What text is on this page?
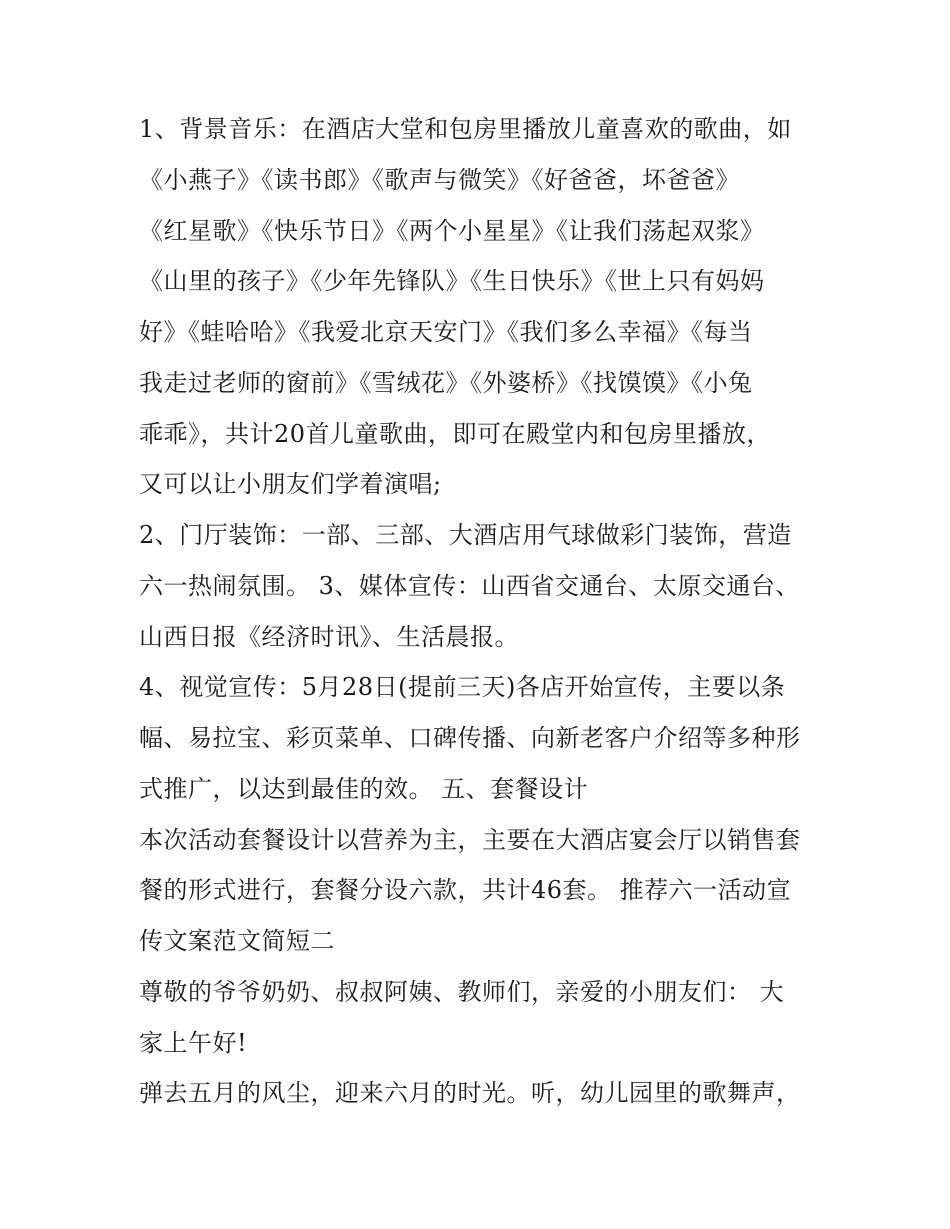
1、背景音乐：在酒店大堂和包房里播放儿童喜欢的歌曲，如
《小燕子》《读书郎》《歌声与微笑》《好爸爸，坏爸爸》
《红星歌》《快乐节日》《两个小星星》《让我们荡起双浆》
《山里的孩子》《少年先锋队》《生日快乐》《世上只有妈妈
好》《蛙哈哈》《我爱北京天安门》《我们多么幸福》《每当
我走过老师的窗前》《雪绒花》《外婆桥》《找馍馍》《小兔
乖乖》，共计20首儿童歌曲，即可在殿堂内和包房里播放，
又可以让小朋友们学着演唱;
2、门厅装饰：一部、三部、大酒店用气球做彩门装饰，营造
六一热闹氛围。 3、媒体宣传：山西省交通台、太原交通台、
山西日报《经济时讯》、生活晨报。
4、视觉宣传：5月28日(提前三天)各店开始宣传，主要以条
幅、易拉宝、彩页菜单、口碑传播、向新老客户介绍等多种形
式推广，以达到最佳的效。 五、套餐设计
本次活动套餐设计以营养为主，主要在大酒店宴会厅以销售套
餐的形式进行，套餐分设六款，共计46套。 推荐六一活动宣
传文案范文简短二
尊敬的爷爷奶奶、叔叔阿姨、教师们，亲爱的小朋友们： 大
家上午好!
弹去五月的风尘，迎来六月的时光。听，幼儿园里的歌舞声，
